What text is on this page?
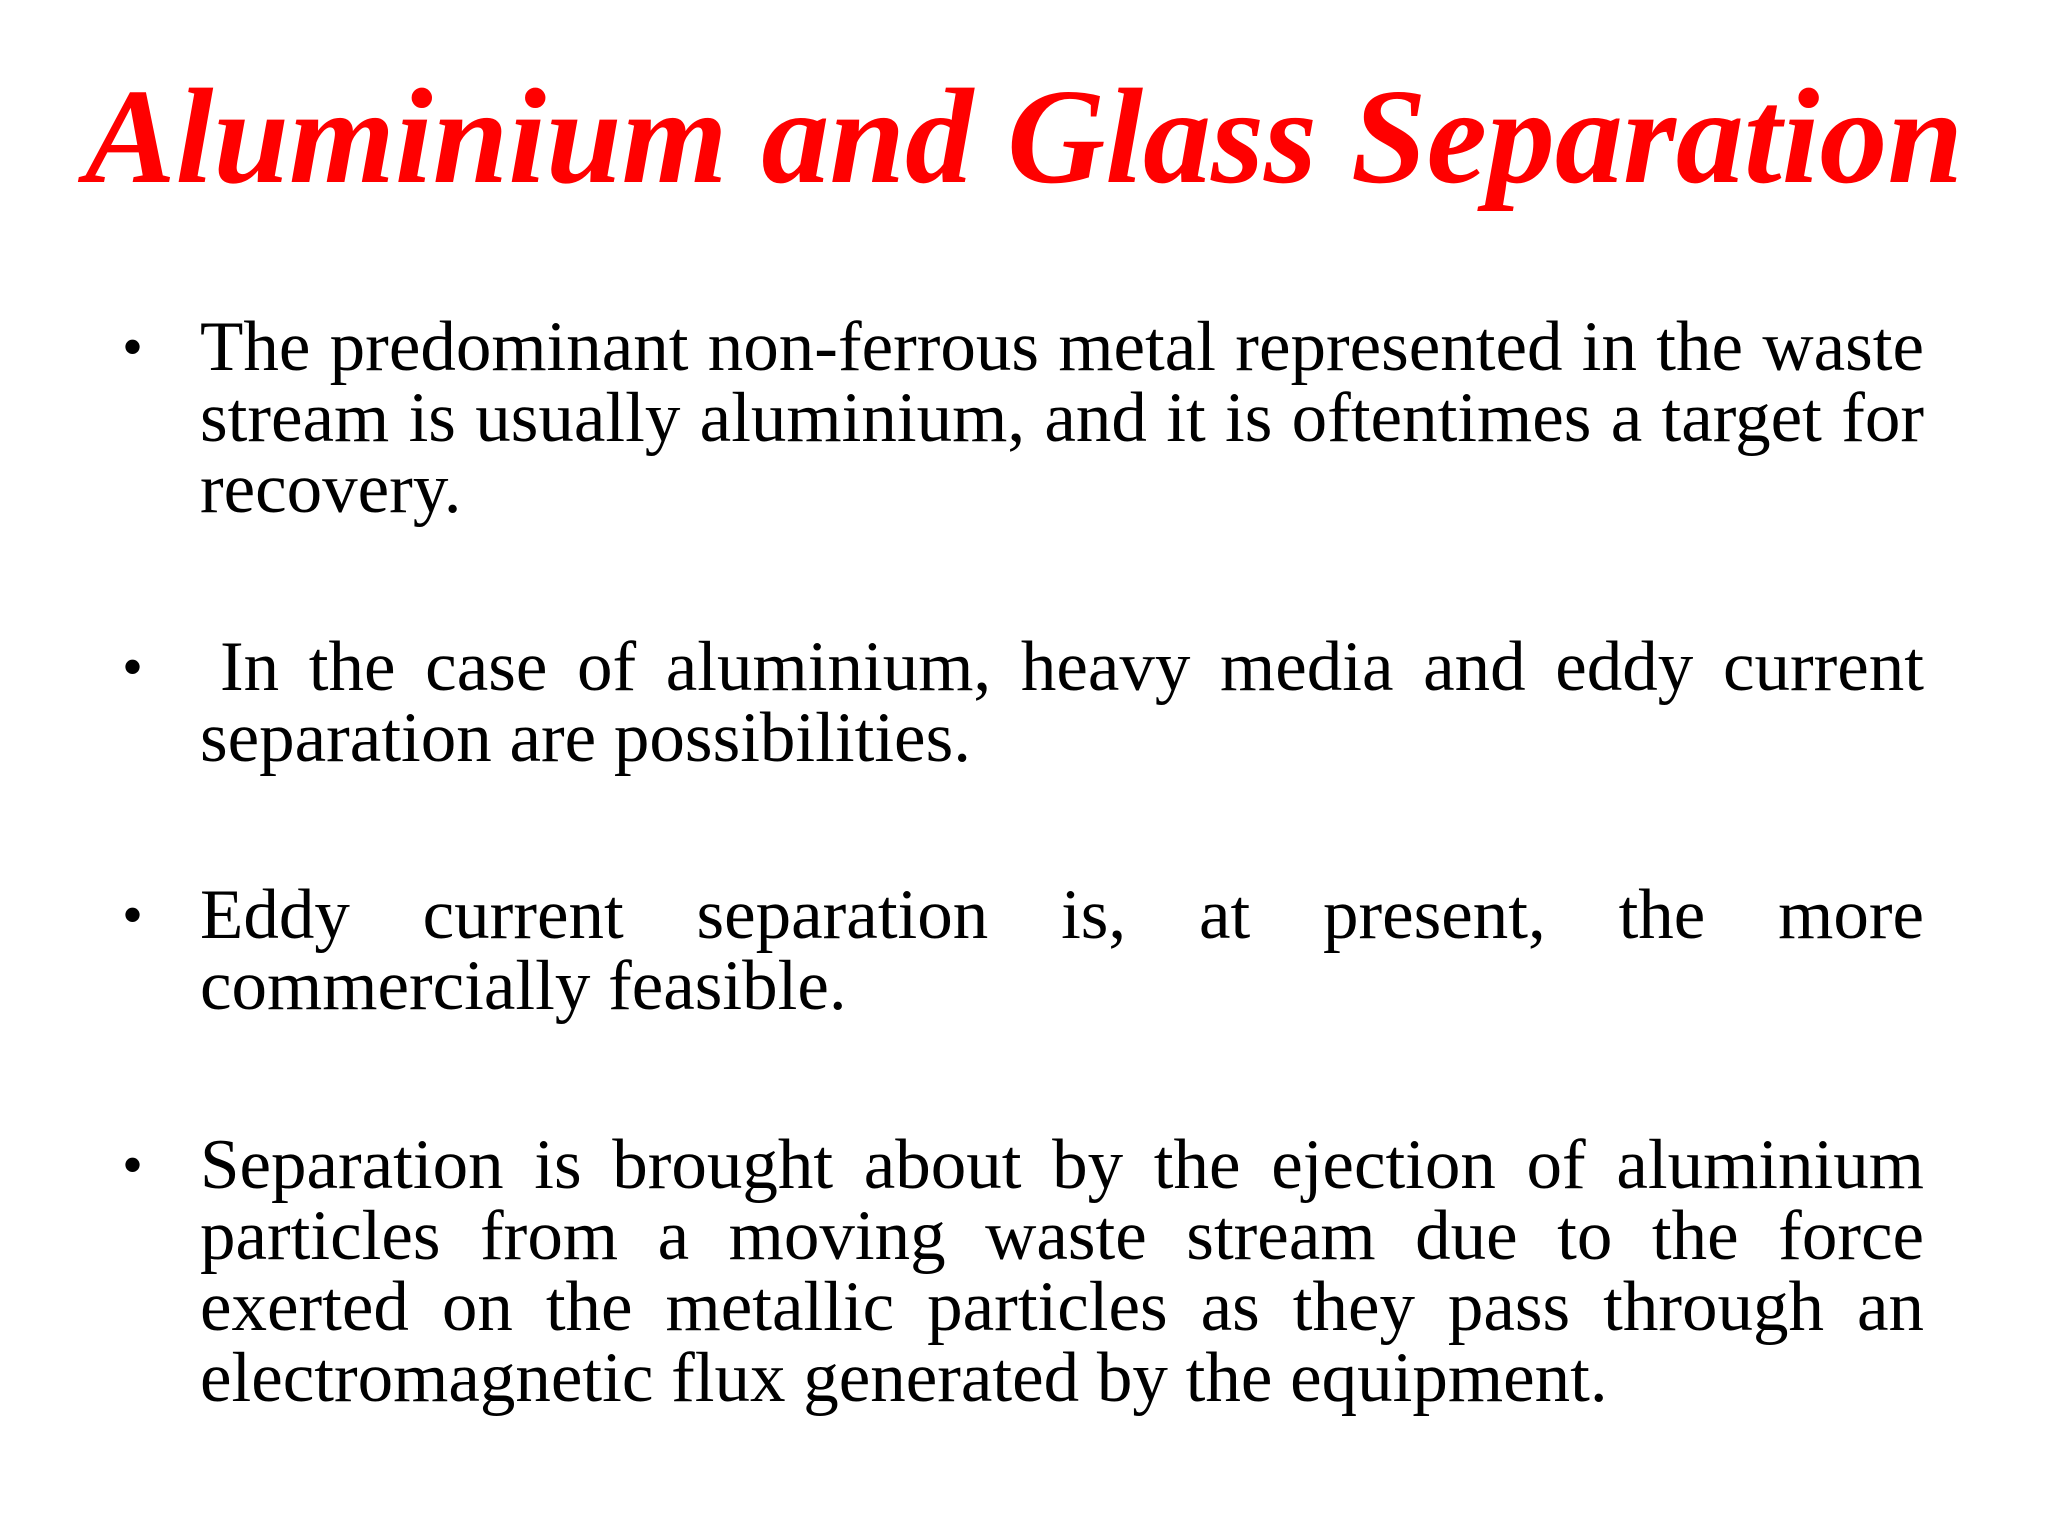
Aluminium and Glass Separation
• The predominant non-ferrous metal represented in the waste stream is usually aluminium, and it is oftentimes a target for recovery.
• In the case of aluminium, heavy media and eddy current separation are possibilities.
• Eddy current separation is, at present, the more commercially feasible.
• Separation is brought about by the ejection of aluminium particles from a moving waste stream due to the force exerted on the metallic particles as they pass through an electromagnetic flux generated by the equipment.
